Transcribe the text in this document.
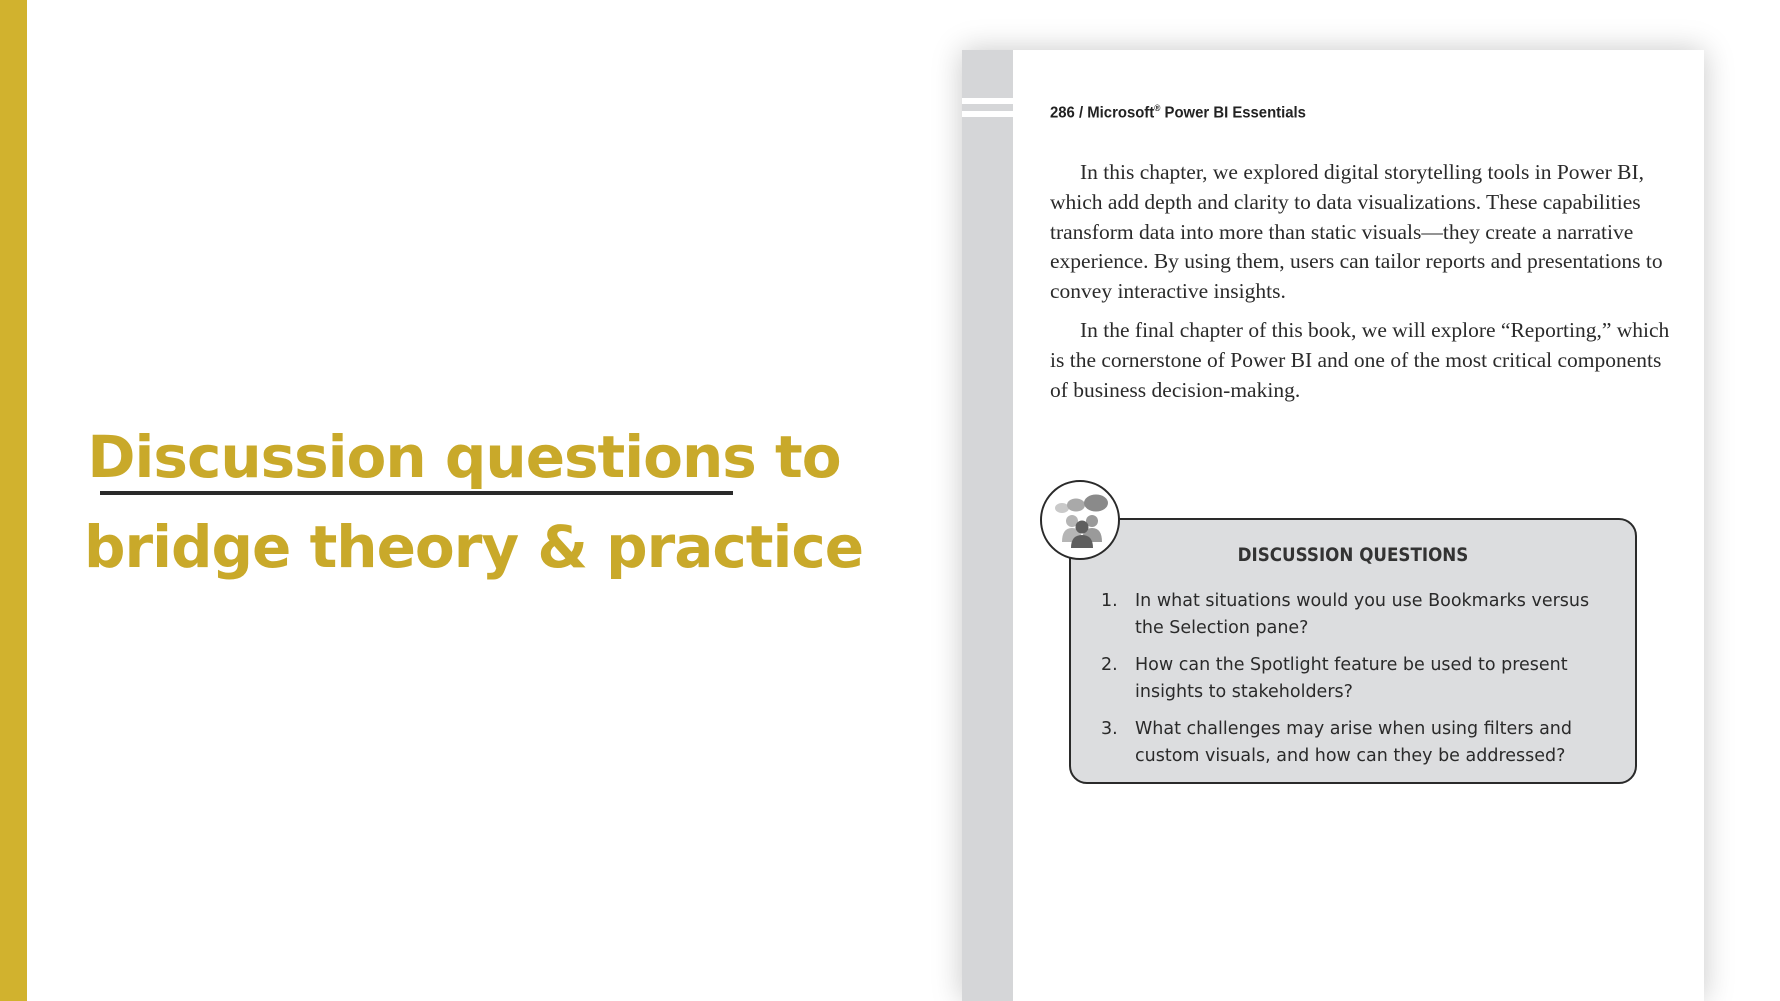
Discussion questions to
bridge theory & practice
286 / Microsoft® Power BI Essentials

In this chapter, we explored digital storytelling tools in Power BI, which add depth and clarity to data visualizations. These capabilities transform data into more than static visuals—they create a narrative experience. By using them, users can tailor reports and presentations to convey interactive insights.

In the final chapter of this book, we will explore “Reporting,” which is the cornerstone of Power BI and one of the most critical components of business decision-making.

DISCUSSION QUESTIONS
1. In what situations would you use Bookmarks versus the Selection pane?
2. How can the Spotlight feature be used to present insights to stakeholders?
3. What challenges may arise when using filters and custom visuals, and how can they be addressed?
